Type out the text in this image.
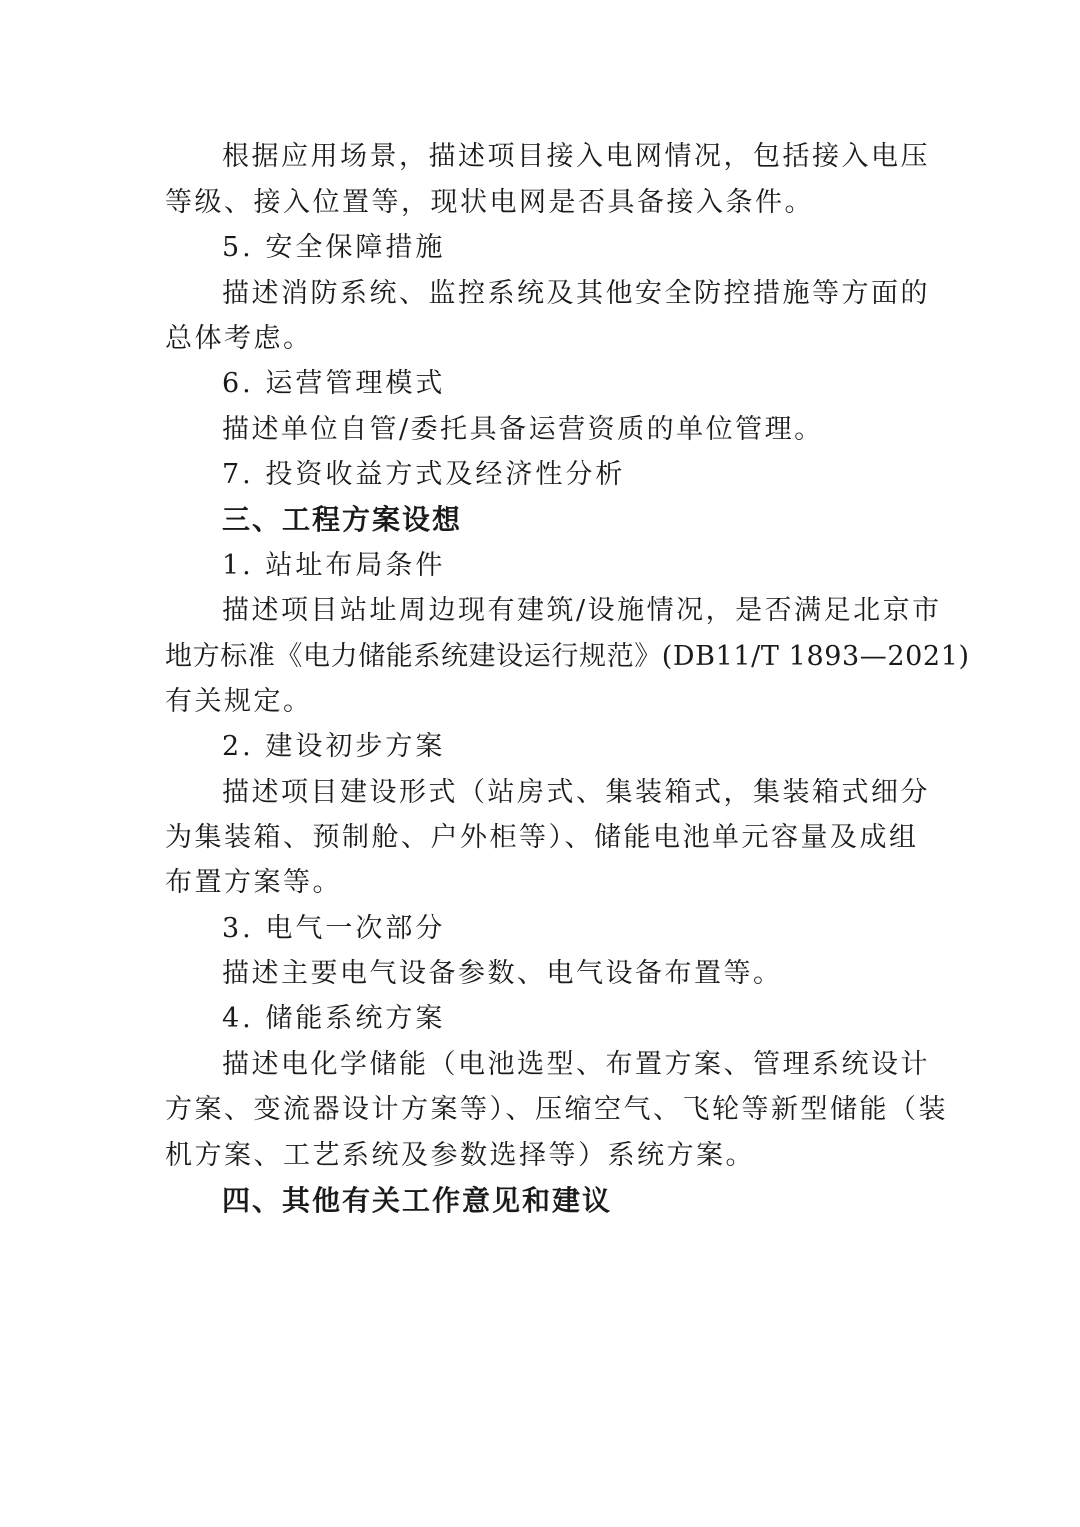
根据应用场景，描述项目接入电网情况，包括接入电压
等级、接入位置等，现状电网是否具备接入条件。
5. 安全保障措施
描述消防系统、监控系统及其他安全防控措施等方面的
总体考虑。
6. 运营管理模式
描述单位自管/委托具备运营资质的单位管理。
7. 投资收益方式及经济性分析
三、工程方案设想
1. 站址布局条件
描述项目站址周边现有建筑/设施情况，是否满足北京市
地方标准《电力储能系统建设运行规范》(DB11/T 1893—2021)
有关规定。
2. 建设初步方案
描述项目建设形式（站房式、集装箱式，集装箱式细分
为集装箱、预制舱、户外柜等）、储能电池单元容量及成组
布置方案等。
3. 电气一次部分
描述主要电气设备参数、电气设备布置等。
4. 储能系统方案
描述电化学储能（电池选型、布置方案、管理系统设计
方案、变流器设计方案等）、压缩空气、飞轮等新型储能（装
机方案、工艺系统及参数选择等）系统方案。
四、其他有关工作意见和建议
